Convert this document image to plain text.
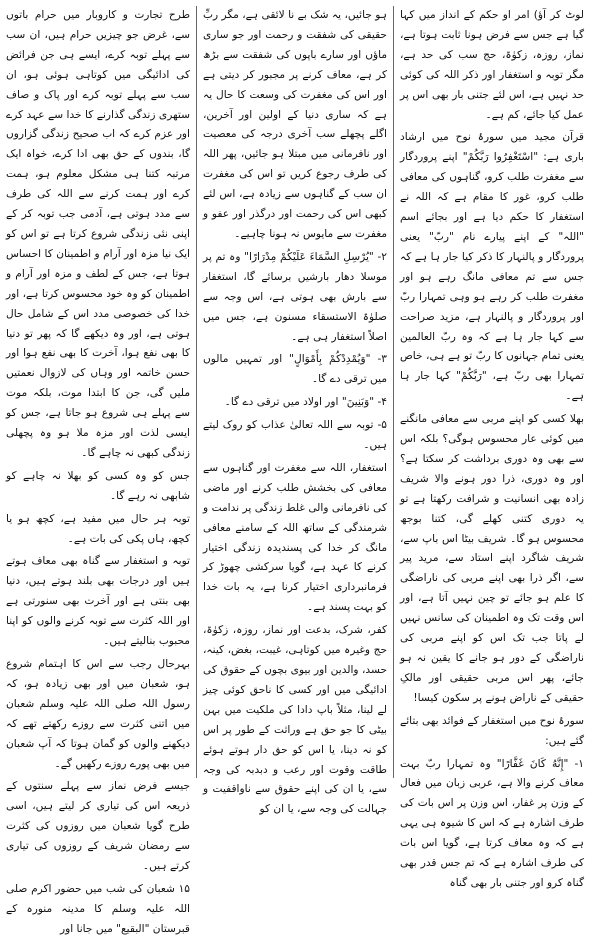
لوٹ کر آؤ) امر او حکم کے انداز میں کہا گیا ہے جس سے فرض ہونا ثابت ہوتا ہے، نماز، روزہ، زکوٰۃ، حج سب کی حد ہے، مگر توبہ و استغفار اور ذکر اللہ کی کوئی حد نہیں ہے، اس لئے جتنی بار بھی اس پر عمل کیا جائے، کم ہے۔

قرآن مجید میں سورۂ نوح میں ارشاد باری ہے: "اسْتَغْفِرُوا رَبَّكُمْ" اپنے پروردگار سے مغفرت طلب کرو، گناہوں کی معافی طلب کرو، غور کا مقام ہے کہ اللہ نے استغفار کا حکم دیا ہے اور بجائے اسم "اللہ" کے اپنے پیارے نام "ربّ" یعنی پروردگار و پالنہار کا ذکر کیا جار ہا ہے کہ جس سے تم معافی مانگ رہے ہو اور مغفرت طلب کر رہے ہو وہی تمہارا ربّ اور پروردگار و پالنہار ہے، مزید صراحت سے کہا جار ہا ہے کہ وہ ربّ العالمین یعنی تمام جہانوں کا ربّ تو ہے ہی، خاص تمہارا بھی ربّ ہے، "رَبَّكُمْ" کہا جار ہا ہے۔

بھلا کسی کو اپنے مربی سے معافی مانگنے میں کوئی عار محسوس ہوگی؟ بلکہ اس سے بھی وہ دوری برداشت کر سکتا ہے؟ اور وہ دوری، ذرا دور ہونے والا شریف زادہ بھی انسانیت و شرافت رکھتا ہے تو یہ دوری کتنی کھلے گی، کتنا بوجھ محسوس ہو گا۔ شریف بیٹا اس باپ سے، شریف شاگرد اپنے استاد سے، مرید پیر سے، اگر ذرا بھی اپنے مربی کی ناراضگی کا علم ہو جائے تو چین نہیں آتا ہے، اور اس وقت تک وہ اطمینان کی سانس نہیں لے پاتا جب تک اس کو اپنے مربی کی ناراضگی کے دور ہو جانے کا یقین نہ ہو جائے، پھر اس مربی حقیقی اور مالکِ حقیقی کے ناراض ہونے پر سکون کیسا!

سورۂ نوح میں استغفار کے فوائد بھی بتائے گئے ہیں:

۱- "إِنَّهُ كَانَ غَفَّارًا" وہ تمہارا ربّ بہت معاف کرنے والا ہے، عربی زبان میں فعال کے وزن پر غفار، اس وزن پر اس بات کی طرف اشارہ ہے کہ اس کا شیوہ ہی یہی ہے کہ وہ معاف کرتا ہے، گویا اس بات کی طرف اشارہ ہے کہ تم جس قدر بھی گناہ کرو اور جتنی بار بھی گناہ

ہو جائیں، یہ شک بے نا لائقی ہے، مگر ربِّ حقیقی کی شفقت و رحمت اور جو ساری ماؤں اور سارے باپوں کی شفقت سے بڑھ کر ہے، معاف کرنے پر مجبور کر دیتی ہے اور اس کی مغفرت کی وسعت کا حال یہ ہے کہ ساری دنیا کے اولین اور آخرین، اگلے پچھلے سب آخری درجہ کی معصیت اور نافرمانی میں مبتلا ہو جائیں، پھر اللہ کی طرف رجوع کریں تو اس کی مغفرت ان سب کے گناہوں سے زیادہ ہے، اس لئے کبھی اس کی رحمت اور درگذر اور عفو و مغفرت سے مایوس نہ ہونا چاہیے۔

۲- "يُرْسِلِ السَّمَاءَ عَلَيْكُمْ مِدْرَارًا" وہ تم پر موسلا دھار بارشیں برسائے گا، استغفار سے بارش بھی ہوتی ہے، اس وجہ سے صلوٰۃ الاستسقاء مسنون ہے، جس میں اصلاً استغفار ہی ہے۔

۳- "وَيُمْدِدْكُمْ بِأَمْوَالٍ" اور تمہیں مالوں میں ترقی دے گا۔

۴- "وَبَنِينَ" اور اولاد میں ترقی دے گا۔

۵- توبہ سے اللہ تعالیٰ عذاب کو روک لیتے ہیں۔

استغفار، اللہ سے مغفرت اور گناہوں سے معافی کی بخشش طلب کرنے اور ماضی کی نافرمانی والی غلط زندگی پر ندامت و شرمندگی کے ساتھ اللہ کے سامنے معافی مانگ کر خدا کی پسندیدہ زندگی اختیار کرنے کا عہد ہے، گویا سرکشی چھوڑ کر فرمانبرداری اختیار کرنا ہے، یہ بات خدا کو بہت پسند ہے۔

کفر، شرک، بدعت اور نماز، روزہ، زکوٰۃ، حج وغیرہ میں کوتاہی، غیبت، بغض، کینہ، حسد، والدین اور بیوی بچوں کے حقوق کی ادائیگی میں اور کسی کا ناحق کوئی چیز لے لینا، مثلاً باپ دادا کی ملکیت میں بہن بیٹی کا جو حق ہے وراثت کے طور پر اس کو نہ دینا، یا اس کو حق دار ہوتے ہوئے طاقت وقوت اور رعب و دبدبہ کی وجہ سے، یا ان کی اپنے حقوق سے ناواقفیت و جہالت کی وجہ سے، یا ان کو

طرح تجارت و کاروبار میں حرام باتوں سے، غرض جو چیزیں حرام ہیں، ان سب سے پہلے توبہ کرے، ایسے ہی جن فرائض کی ادائیگی میں کوتاہی ہوئی ہو، ان سب سے پہلے توبہ کرے اور پاک و صاف ستھری زندگی گذارنے کا خدا سے عہد کرے اور عزم کرے کہ اب صحیح زندگی گزاروں گا، بندوں کے حق بھی ادا کرے، خواہ ایک مرتبہ کتنا ہی مشکل معلوم ہو، ہمت کرے اور ہمت کرنے سے اللہ کی طرف سے مدد ہوتی ہے، آدمی جب توبہ کر کے اپنی نئی زندگی شروع کرتا ہے تو اس کو ایک نیا مزہ اور آرام و اطمینان کا احساس ہوتا ہے، جس کے لطف و مزہ اور آرام و اطمینان کو وہ خود محسوس کرتا ہے، اور خدا کی خصوصی مدد اس کے شامل حال ہوتی ہے، اور وہ دیکھے گا کہ پھر تو دنیا کا بھی نفع ہوا، آخرت کا بھی نفع ہوا اور حسن خاتمہ اور وہاں کی لازوال نعمتیں ملیں گی، جن کا ابتدا موت، بلکہ موت سے پہلے ہی شروع ہو جاتا ہے، جس کو ایسی لذت اور مزہ ملا ہو وہ پچھلی زندگی کبھی نہ چاہے گا۔

جس کو وہ کسی کو بھلا نہ چاہے کو شابھی نہ رہے گا۔

توبہ ہر حال میں مفید ہے، کچھ ہو یا کچھ، ہاں پکی کی بات ہے۔

توبہ و استغفار سے گناہ بھی معاف ہوتے ہیں اور درجات بھی بلند ہوتے ہیں، دنیا بھی بنتی ہے اور آخرت بھی سنورتی ہے اور اللہ کثرت سے توبہ کرنے والوں کو اپنا محبوب بنالیتے ہیں۔

بہرحال رجب سے اس کا اہتمام شروع ہو، شعبان میں اور بھی زیادہ ہو، کہ رسول اللہ صلی اللہ علیہ وسلم شعبان میں اتنی کثرت سے روزے رکھتے تھے کہ دیکھنے والوں کو گمان ہوتا کہ آپ شعبان میں بھی پورے روزے رکھیں گے۔

جیسے فرض نماز سے پہلے سنتوں کے ذریعہ اس کی تیاری کر لیتے ہیں، اسی طرح گویا شعبان میں روزوں کی کثرت سے رمضان شریف کے روزوں کی تیاری کرتے ہیں۔

۱۵ شعبان کی شب میں حضور اکرم صلی اللہ علیہ وسلم کا مدینہ منورہ کے قبرستان "البقیع" میں جانا اور
